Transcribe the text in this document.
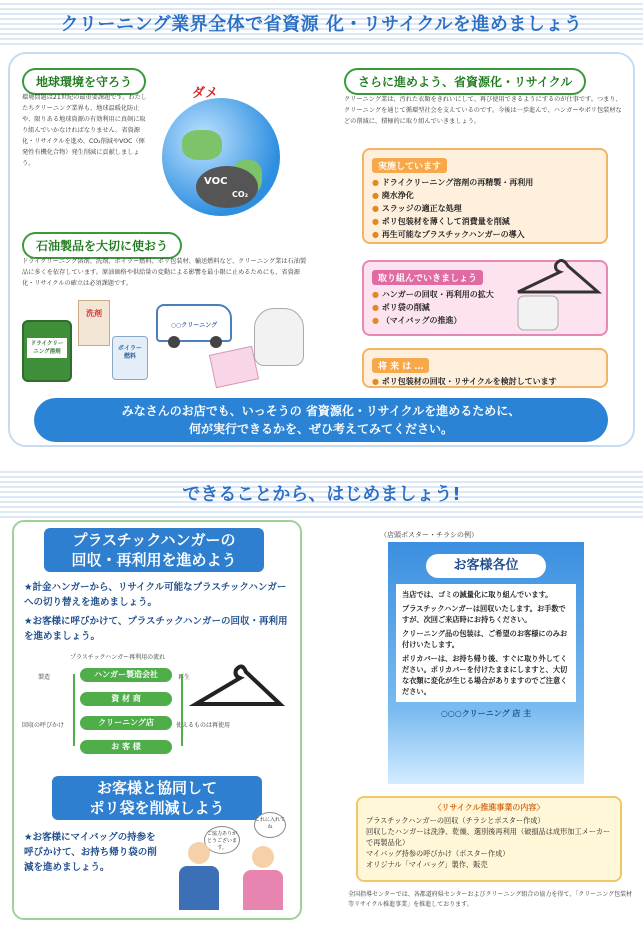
クリーニング業界全体で省資源 化・リサイクルを進めましょう
地球環境を守ろう
環境問題は21世紀の最重要課題です。わたしたちクリーニング業界も、地球温暖化防止や、限りある地球資源の有効利用に真剣に取り組んでいかなければなりません。省資源化・リサイクルを進め、CO₂削減やVOC（揮発性有機化合物）発生削減に貢献しましょう。
ダメ
VOC
CO₂
石油製品を大切に使おう
ドライクリーニング溶剤、洗剤、ボイラー燃料、ポリ包装材、輸送燃料など、クリーニング業は石油製品に多くを依存しています。原油価格や供給量の変動による影響を最小限に止めるためにも、省資源化・リサイクルの確立は必須課題です。
ドライクリーニング溶剤
洗剤
ボイラー燃料
○○クリーニング
さらに進めよう、省資源化・リサイクル
クリーニング業は、汚れた衣類をきれいにして、再び使用できるようにするのが仕事です。つまり、クリーニングを通じて循環型社会を支えているのです。今後は一歩進んで、ハンガーやポリ包装材などの削減に、積極的に取り組んでいきましょう。
実施しています
● ドライクリーニング溶剤の再精製・再利用
● 廃水浄化
● スラッジの適正な処理
● ポリ包装材を薄くして消費量を削減
● 再生可能なプラスチックハンガーの導入
取り組んでいきましょう
● ハンガーの回収・再利用の拡大
● ポリ袋の削減
● （マイバッグの推進）
将 来 は …
● ポリ包装材の回収・リサイクルを検討しています
みなさんのお店でも、いっそうの 省資源化・リサイクルを進めるために、
何が実行できるかを、ぜひ考えてみてください。
できることから、はじめましょう!
プラスチックハンガーの
回収・再利用を進めよう
★計金ハンガーから、リサイクル可能なプラスチックハンガーへの切り替えを進めましょう。
★お客様に呼びかけて、プラスチックハンガーの回収・再利用を進めましょう。
プラスチックハンガー再利用の流れ
製造	再生
回収の呼びかけ	使えるものは再使用
ハンガー製造会社
資 材 商
クリーニング店
お 客 様
お客様と協同して
ポリ袋を削減しよう
★お客様にマイバッグの持参を呼びかけて、お持ち帰り袋の削減を進めましょう。
これに入れてね
ご協力ありがとうございます。
（店頭ポスター・チラシの例）
お客様各位
当店では、ゴミの減量化に取り組んでいます。
プラスチックハンガーは回収いたします。お手数ですが、次回ご来店時にお持ちください。
クリーニング品の包装は、ご希望のお客様にのみお付けいたします。
ポリカバーは、お持ち帰り後、すぐに取り外してください。ポリカバーを付けたままにしますと、大切な衣類に変化が生じる場合がありますのでご注意ください。
○○○クリーニング 店 主
〈リサイクル推進事業の内容〉
プラスチックハンガーの回収（チラシとポスター作成）
回収したハンガーは洗浄、乾燥、選別後再利用（破損品は成形加工メーカーで再製品化）
マイバッグ持参の呼びかけ（ポスター作成）
オリジナル「マイバッグ」製作、販売
全国指導センターでは、各都道府県センターおよびクリーニング組合の協力を得て、「クリーニング包装材等リサイクル推進事業」を推進しております。
